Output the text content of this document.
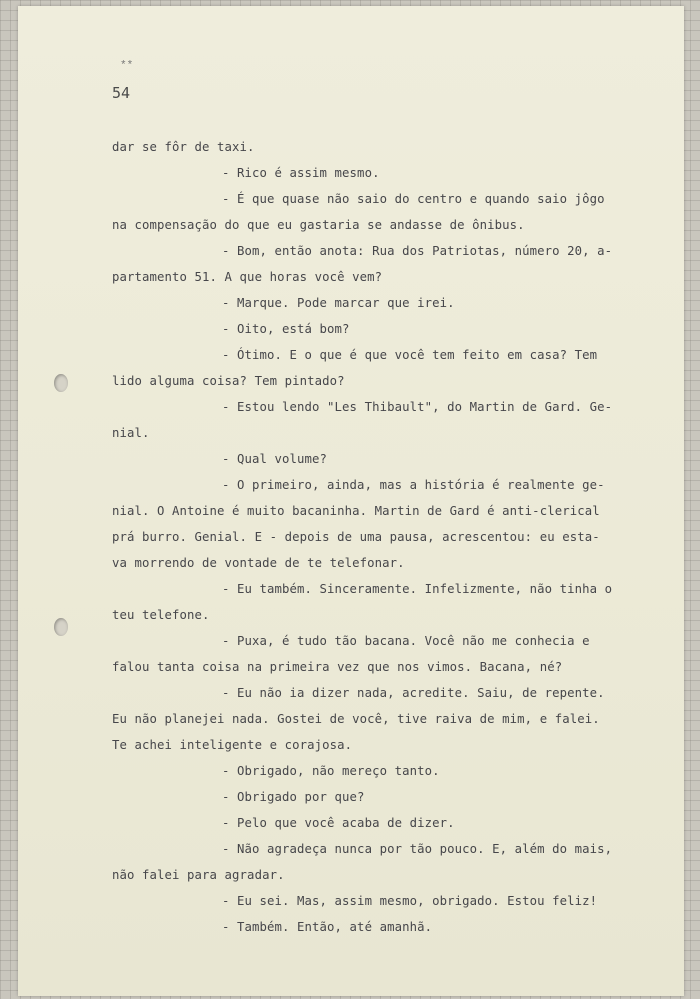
**
54
dar se fôr de taxi.
- Rico é assim mesmo.
- É que quase não saio do centro e quando saio jôgo
na compensação do que eu gastaria se andasse de ônibus.
- Bom, então anota: Rua dos Patriotas, número 20, a-
partamento 51. A que horas você vem?
- Marque. Pode marcar que irei.
- Oito, está bom?
- Ótimo. E o que é que você tem feito em casa? Tem
lido alguma coisa? Tem pintado?
- Estou lendo "Les Thibault", do Martin de Gard. Ge-
nial.
- Qual volume?
- O primeiro, ainda, mas a história é realmente ge-
nial. O Antoine é muito bacaninha. Martin de Gard é anti-clerical
prá burro. Genial. E - depois de uma pausa, acrescentou: eu esta-
va morrendo de vontade de te telefonar.
- Eu também. Sinceramente. Infelizmente, não tinha o
teu telefone.
- Puxa, é tudo tão bacana. Você não me conhecia e
falou tanta coisa na primeira vez que nos vimos. Bacana, né?
- Eu não ia dizer nada, acredite. Saiu, de repente.
Eu não planejei nada. Gostei de você, tive raiva de mim, e falei.
Te achei inteligente e corajosa.
- Obrigado, não mereço tanto.
- Obrigado por que?
- Pelo que você acaba de dizer.
- Não agradeça nunca por tão pouco. E, além do mais,
não falei para agradar.
- Eu sei. Mas, assim mesmo, obrigado. Estou feliz!
- Também. Então, até amanhã.
